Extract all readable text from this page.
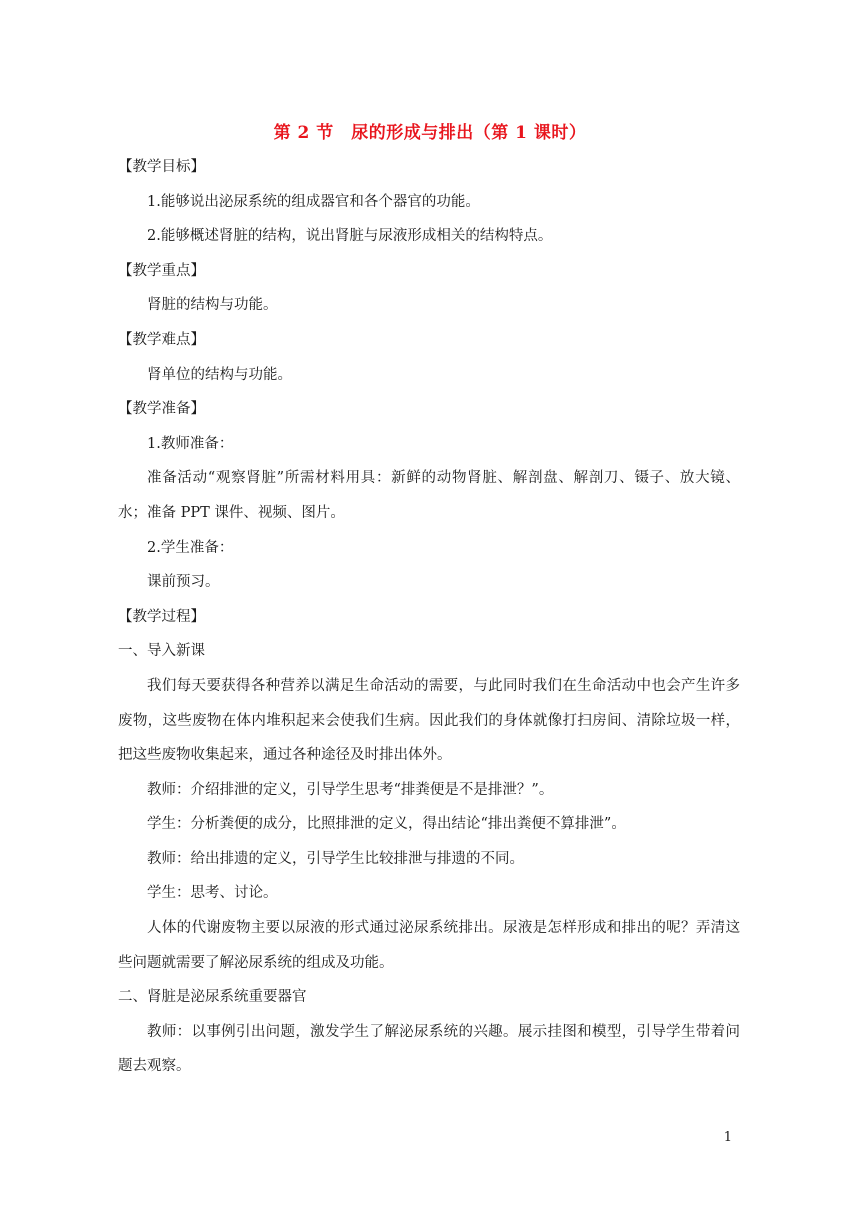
第 2 节　尿的形成与排出（第 1 课时）
【教学目标】
1.能够说出泌尿系统的组成器官和各个器官的功能。
2.能够概述肾脏的结构，说出肾脏与尿液形成相关的结构特点。
【教学重点】
肾脏的结构与功能。
【教学难点】
肾单位的结构与功能。
【教学准备】
1.教师准备：
准备活动“观察肾脏”所需材料用具：新鲜的动物肾脏、解剖盘、解剖刀、镊子、放大镜、水；准备 PPT 课件、视频、图片。
2.学生准备：
课前预习。
【教学过程】
一、导入新课
我们每天要获得各种营养以满足生命活动的需要，与此同时我们在生命活动中也会产生许多废物，这些废物在体内堆积起来会使我们生病。因此我们的身体就像打扫房间、清除垃圾一样，把这些废物收集起来，通过各种途径及时排出体外。
教师：介绍排泄的定义，引导学生思考“排粪便是不是排泄？”。
学生：分析粪便的成分，比照排泄的定义，得出结论“排出粪便不算排泄”。
教师：给出排遗的定义，引导学生比较排泄与排遗的不同。
学生：思考、讨论。
人体的代谢废物主要以尿液的形式通过泌尿系统排出。尿液是怎样形成和排出的呢？弄清这些问题就需要了解泌尿系统的组成及功能。
二、肾脏是泌尿系统重要器官
教师：以事例引出问题，激发学生了解泌尿系统的兴趣。展示挂图和模型，引导学生带着问题去观察。
1
